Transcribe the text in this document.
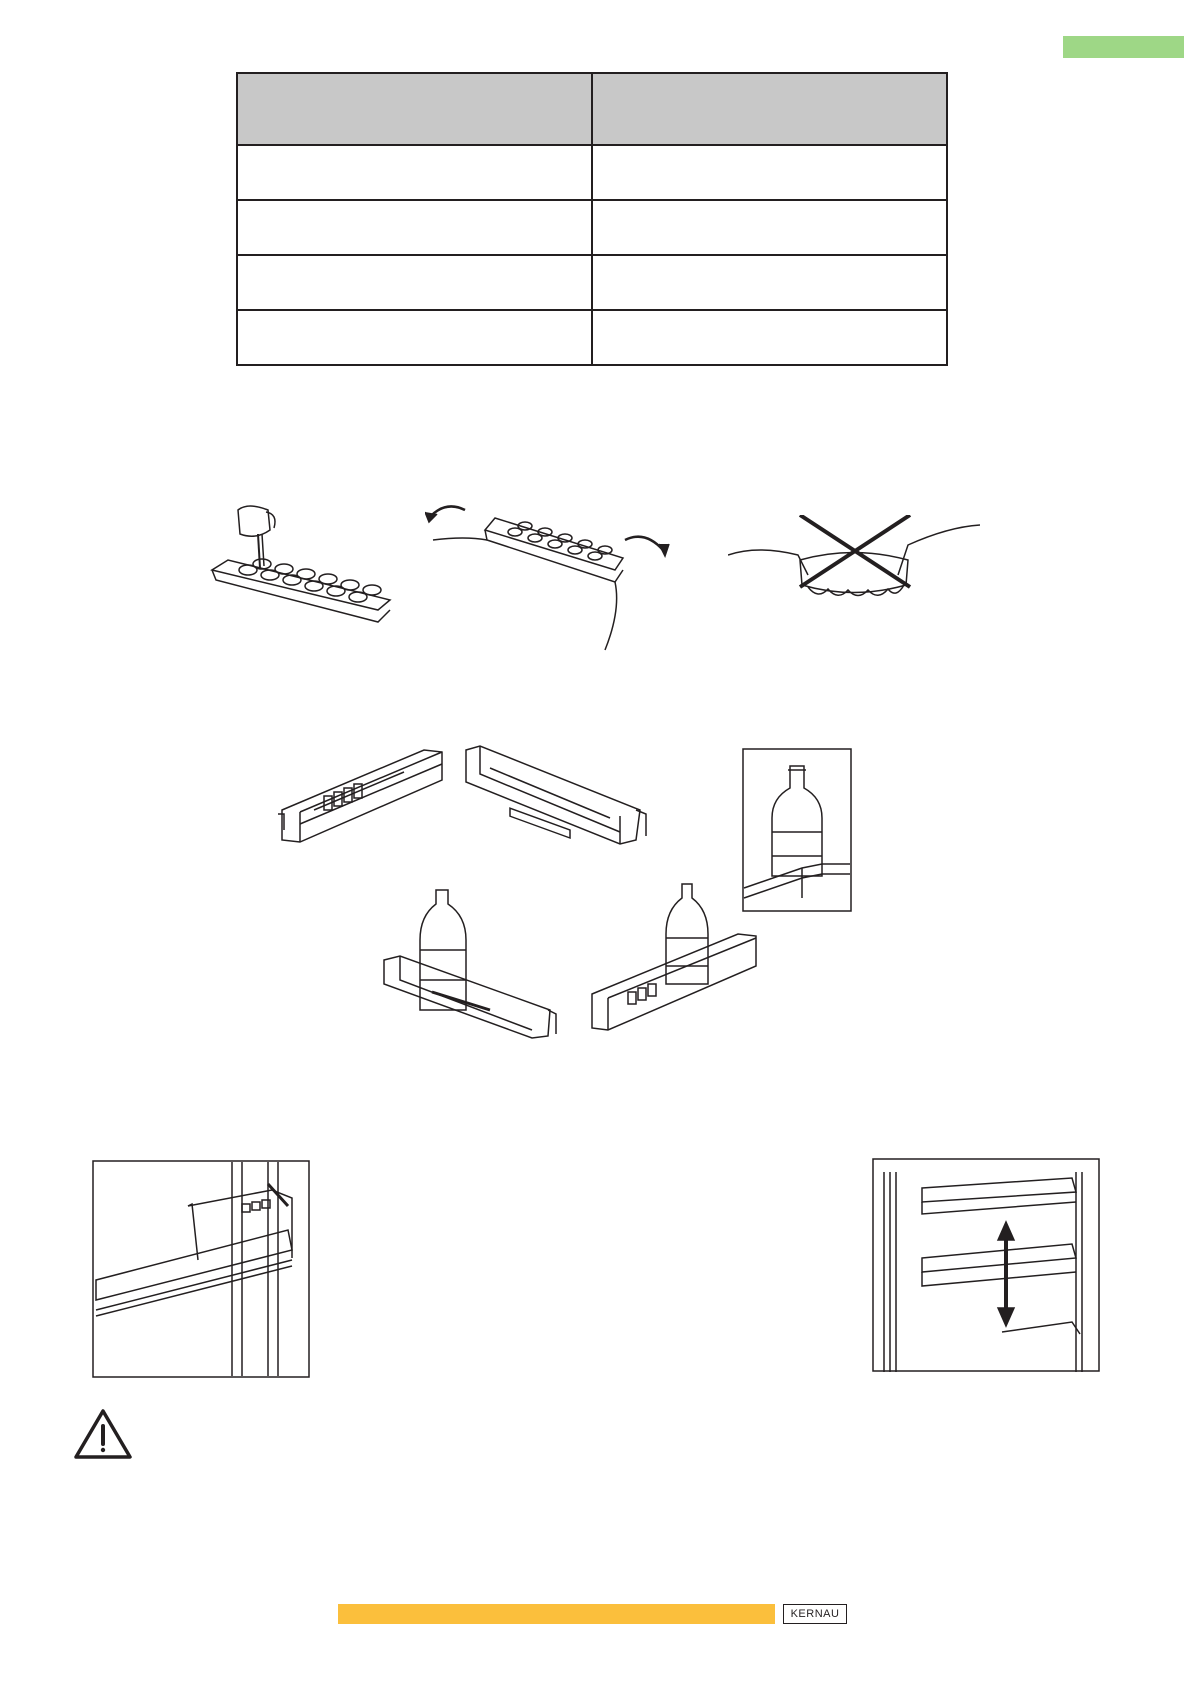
KERNAU
